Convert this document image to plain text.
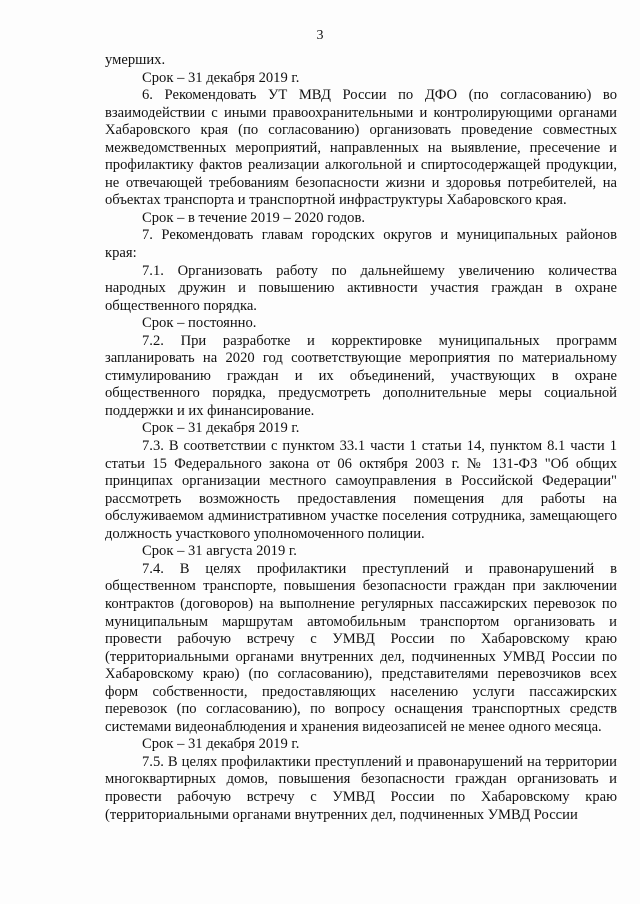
3

умерших.

Срок – 31 декабря 2019 г.

6. Рекомендовать УТ МВД России по ДФО (по согласованию) во взаимодействии с иными правоохранительными и контролирующими органами Хабаровского края (по согласованию) организовать проведение совместных межведомственных мероприятий, направленных на выявление, пресечение и профилактику фактов реализации алкогольной и спиртосодержащей продукции, не отвечающей требованиям безопасности жизни и здоровья потребителей, на объектах транспорта и транспортной инфраструктуры Хабаровского края.

Срок – в течение 2019 – 2020 годов.

7. Рекомендовать главам городских округов и муниципальных районов края:

7.1. Организовать работу по дальнейшему увеличению количества народных дружин и повышению активности участия граждан в охране общественного порядка.

Срок – постоянно.

7.2. При разработке и корректировке муниципальных программ запланировать на 2020 год соответствующие мероприятия по материальному стимулированию граждан и их объединений, участвующих в охране общественного порядка, предусмотреть дополнительные меры социальной поддержки и их финансирование.

Срок – 31 декабря 2019 г.

7.3. В соответствии с пунктом 33.1 части 1 статьи 14, пунктом 8.1 части 1 статьи 15 Федерального закона от 06 октября 2003 г. № 131-ФЗ "Об общих принципах организации местного самоуправления в Российской Федерации" рассмотреть возможность предоставления помещения для работы на обслуживаемом административном участке поселения сотрудника, замещающего должность участкового уполномоченного полиции.

Срок – 31 августа 2019 г.

7.4. В целях профилактики преступлений и правонарушений в общественном транспорте, повышения безопасности граждан при заключении контрактов (договоров) на выполнение регулярных пассажирских перевозок по муниципальным маршрутам автомобильным транспортом организовать и провести рабочую встречу с УМВД России по Хабаровскому краю (территориальными органами внутренних дел, подчиненных УМВД России по Хабаровскому краю) (по согласованию), представителями перевозчиков всех форм собственности, предоставляющих населению услуги пассажирских перевозок (по согласованию), по вопросу оснащения транспортных средств системами видеонаблюдения и хранения видеозаписей не менее одного месяца.

Срок – 31 декабря 2019 г.

7.5. В целях профилактики преступлений и правонарушений на территории многоквартирных домов, повышения безопасности граждан организовать и провести рабочую встречу с УМВД России по Хабаровскому краю (территориальными органами внутренних дел, подчиненных УМВД России
